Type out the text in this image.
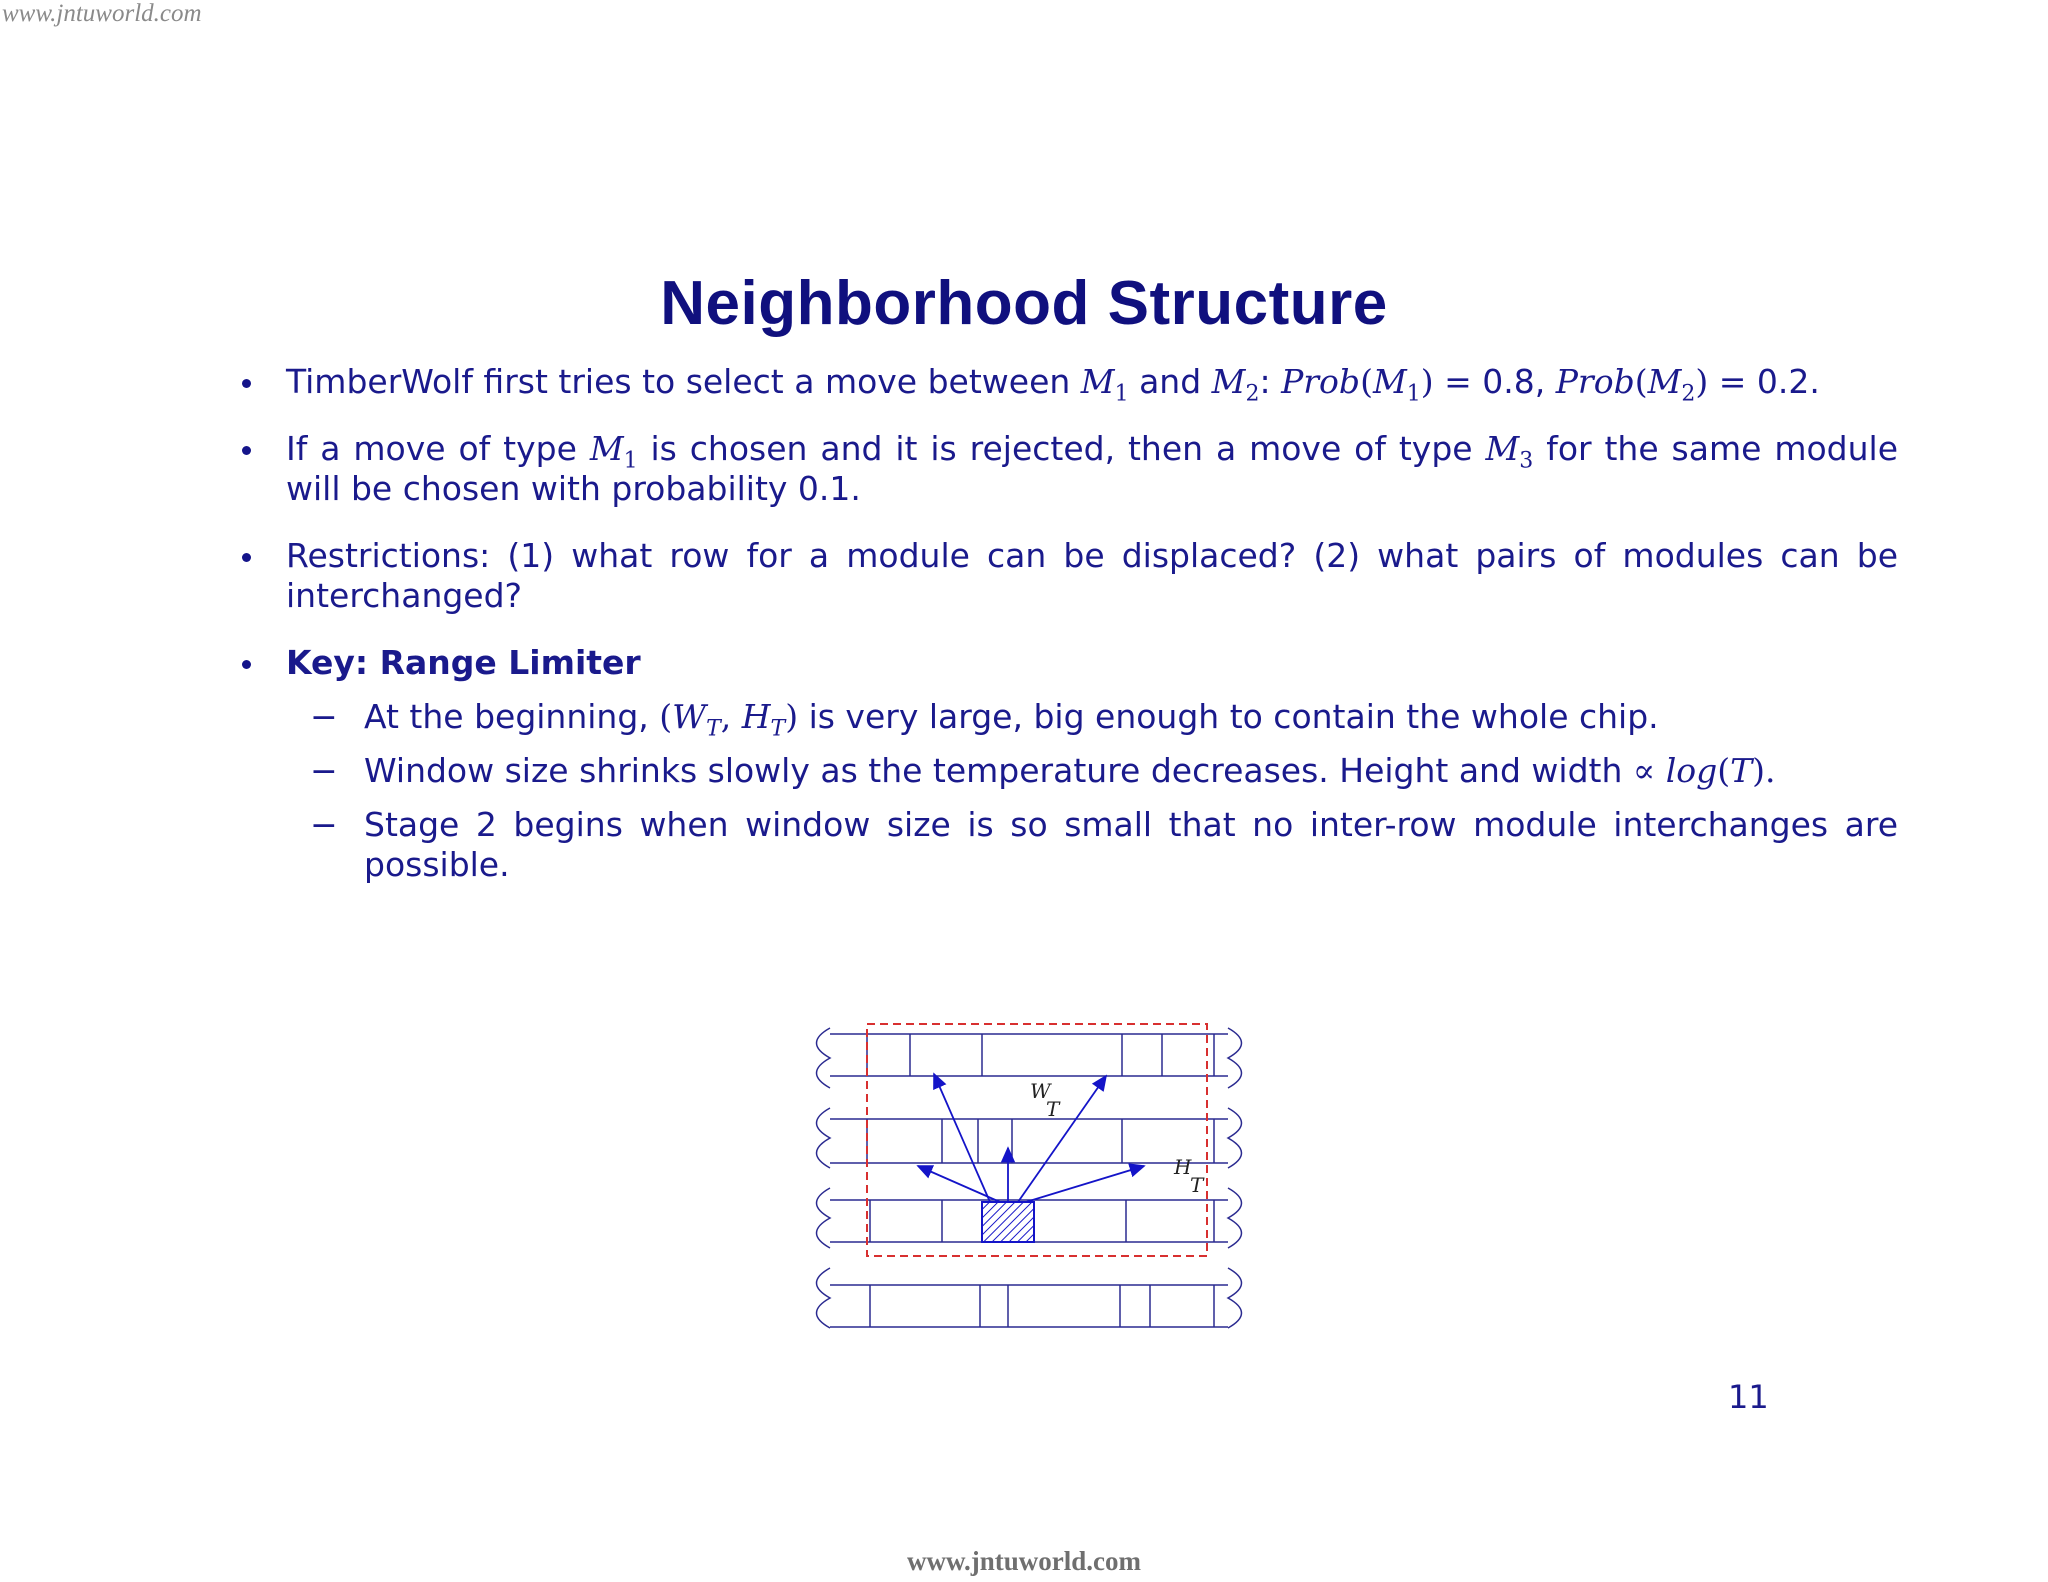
www.jntuworld.com
Neighborhood Structure
TimberWolf first tries to select a move between $M_1$ and $M_2$: $Prob(M_1) = 0.8$, $Prob(M_2) = 0.2$.
If a move of type $M_1$ is chosen and it is rejected, then a move of type $M_3$ for the same module will be chosen with probability 0.1.
Restrictions: (1) what row for a module can be displaced? (2) what pairs of modules can be interchanged?
Key: Range Limiter
− At the beginning, ($W_T$, $H_T$) is very large, big enough to contain the whole chip.
− Window size shrinks slowly as the temperature decreases. Height and width ∝ log(T).
− Stage 2 begins when window size is so small that no inter-row module interchanges are possible.
W
T
H
T
11
www.jntuworld.com
